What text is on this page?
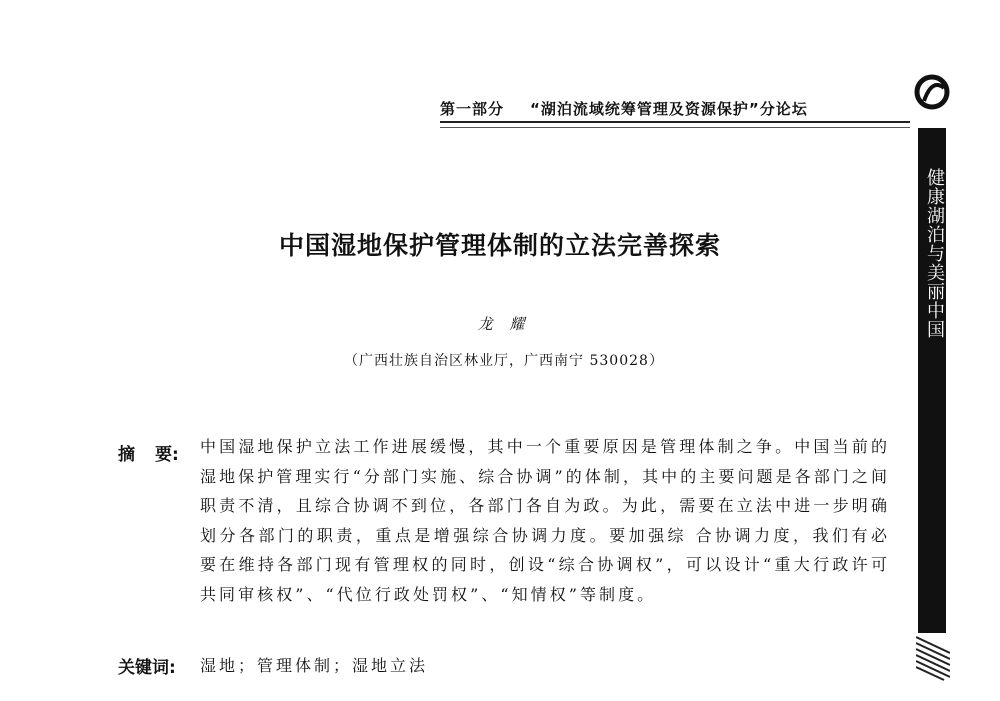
第一部分 “湖泊流域统筹管理及资源保护”分论坛
健康湖泊与美丽中国
中国湿地保护管理体制的立法完善探索
龙 耀
（广西壮族自治区林业厅，广西南宁 530028）
摘 要: 中国湿地保护立法工作进展缓慢，其中一个重要原因是管理体制之争。中国当前的湿地保护管理实行“分部门实施、综合协调”的体制，其中的主要问题是各部门之间职责不清，且综合协调不到位，各部门各自为政。为此，需要在立法中进一步明确划分各部门的职责，重点是增强综合协调力度。要加强综 合协调力度，我们有必要在维持各部门现有管理权的同时，创设“综合协调权”，可以设计“重大行政许可共同审核权”、“代位行政处罚权”、“知情权”等制度。
关键词: 湿地；管理体制；湿地立法
